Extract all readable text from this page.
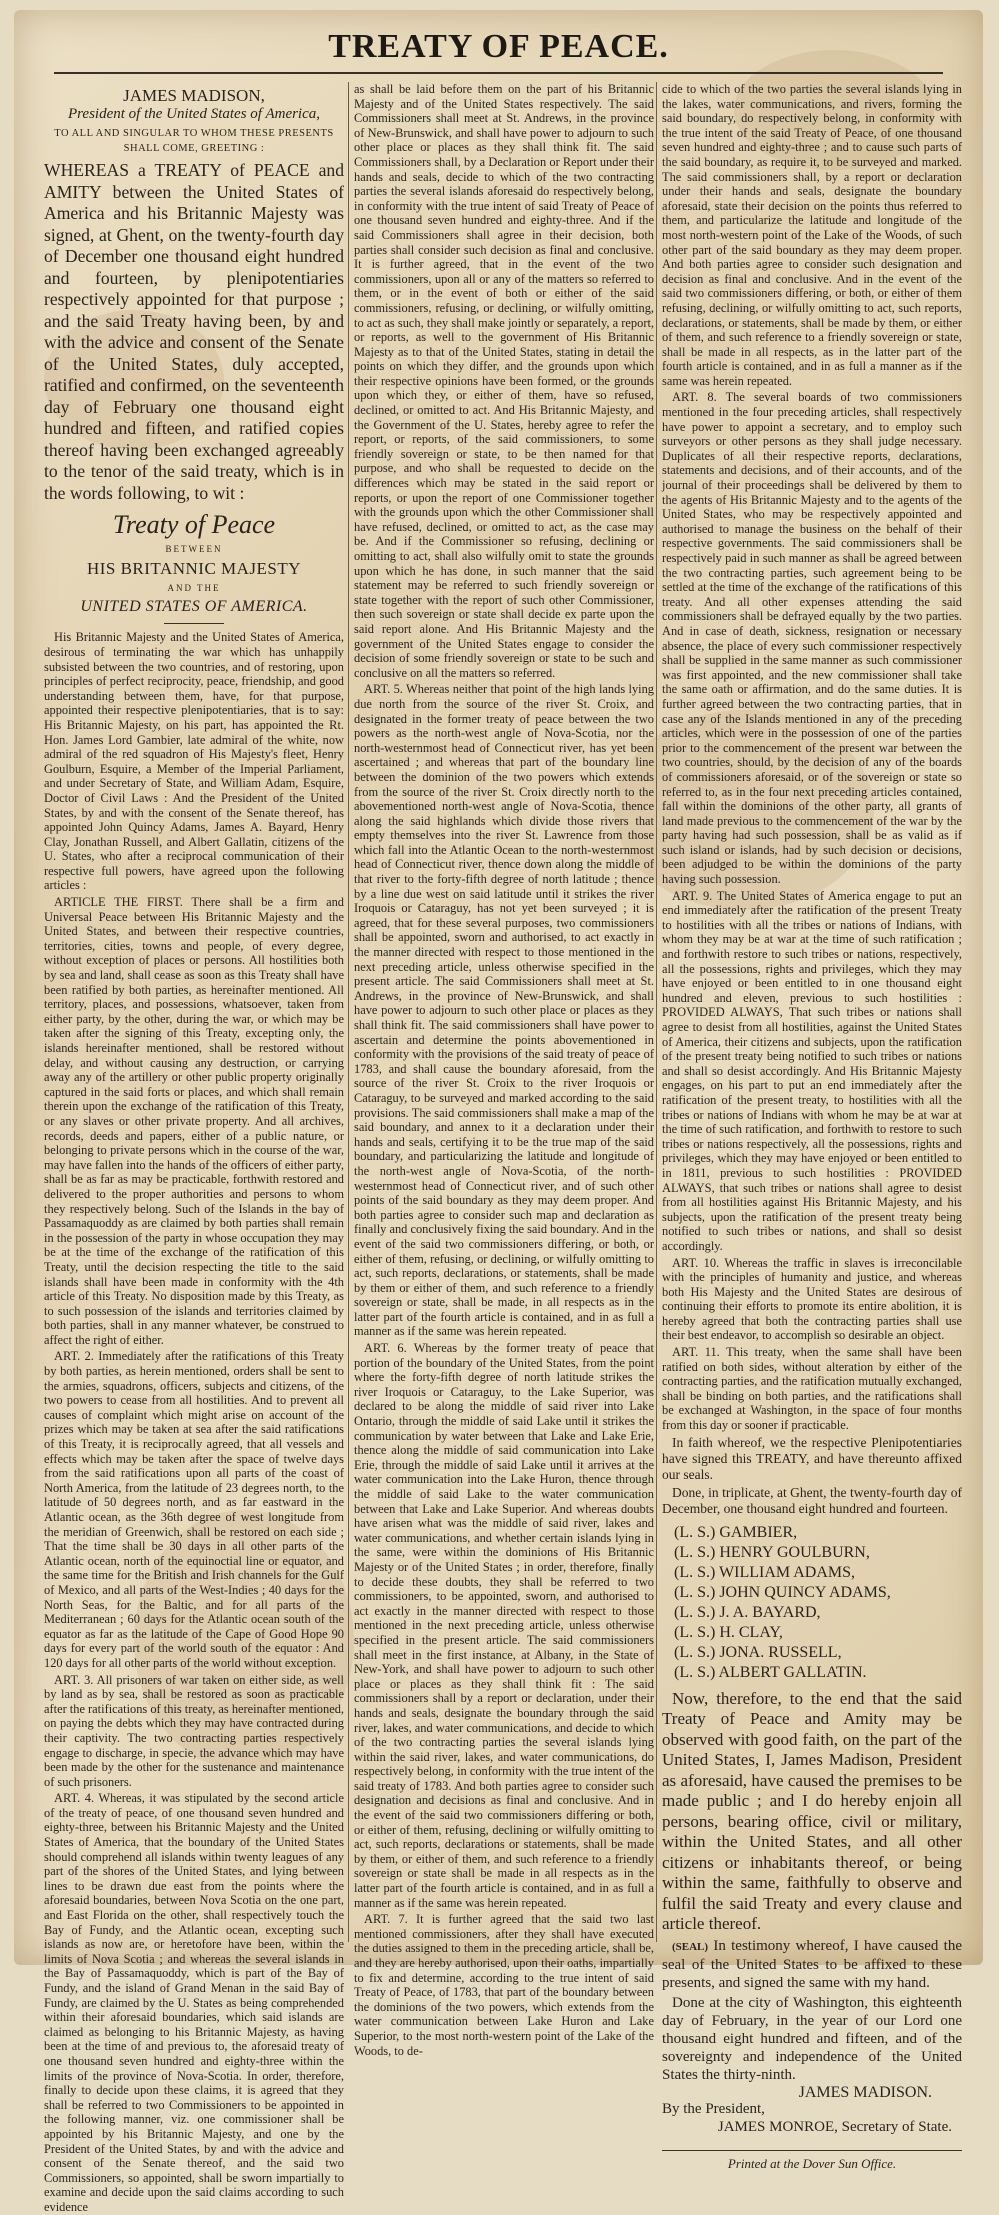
TREATY OF PEACE.
JAMES MADISON,
President of the United States of America,
TO ALL AND SINGULAR TO WHOM THESE PRESENTS SHALL COME, GREETING :
WHEREAS a TREATY of PEACE and AMITY between the United States of America and his Britannic Majesty was signed, at Ghent, on the twenty-fourth day of December one thousand eight hundred and fourteen, by plenipotentiaries respectively appointed for that purpose ; and the said Treaty having been, by and with the advice and consent of the Senate of the United States, duly accepted, ratified and confirmed, on the seventeenth day of February one thousand eight hundred and fifteen, and ratified copies thereof having been exchanged agreeably to the tenor of the said treaty, which is in the words following, to wit :
Treaty of Peace
BETWEEN
HIS BRITANNIC MAJESTY
AND THE
UNITED STATES OF AMERICA.

His Britannic Majesty and the United States of America, desirous of terminating the war which has unhappily subsisted between the two countries, and of restoring, upon principles of perfect reciprocity, peace, friendship, and good understanding between them, have, for that purpose, appointed their respective plenipotentiaries, that is to say: His Britannic Majesty, on his part, has appointed the Rt. Hon. James Lord Gambier, late admiral of the white, now admiral of the red squadron of His Majesty's fleet, Henry Goulburn, Esquire, a Member of the Imperial Parliament, and under Secretary of State, and William Adam, Esquire, Doctor of Civil Laws : And the President of the United States, by and with the consent of the Senate thereof, has appointed John Quincy Adams, James A. Bayard, Henry Clay, Jonathan Russell, and Albert Gallatin, citizens of the U. States, who after a reciprocal communication of their respective full powers, have agreed upon the following articles :

ARTICLE THE FIRST. There shall be a firm and Universal Peace between His Britannic Majesty and the United States, and between their respective countries, territories, cities, towns and people, of every degree, without exception of places or persons. All hostilities both by sea and land, shall cease as soon as this Treaty shall have been ratified by both parties, as hereinafter mentioned. All territory, places, and possessions, whatsoever, taken from either party, by the other, during the war, or which may be taken after the signing of this Treaty, excepting only, the islands hereinafter mentioned, shall be restored without delay, and without causing any destruction, or carrying away any of the artillery or other public property originally captured in the said forts or places, and which shall remain therein upon the exchange of the ratification of this Treaty, or any slaves or other private property. And all archives, records, deeds and papers, either of a public nature, or belonging to private persons which in the course of the war, may have fallen into the hands of the officers of either party, shall be as far as may be practicable, forthwith restored and delivered to the proper authorities and persons to whom they respectively belong. Such of the Islands in the bay of Passamaquoddy as are claimed by both parties shall remain in the possession of the party in whose occupation they may be at the time of the exchange of the ratification of this Treaty, until the decision respecting the title to the said islands shall have been made in conformity with the 4th article of this Treaty. No disposition made by this Treaty, as to such possession of the islands and territories claimed by both parties, shall in any manner whatever, be construed to affect the right of either.

ART. 2. Immediately after the ratifications of this Treaty by both parties, as herein mentioned, orders shall be sent to the armies, squadrons, officers, subjects and citizens, of the two powers to cease from all hostilities. And to prevent all causes of complaint which might arise on account of the prizes which may be taken at sea after the said ratifications of this Treaty, it is reciprocally agreed, that all vessels and effects which may be taken after the space of twelve days from the said ratifications upon all parts of the coast of North America, from the latitude of 23 degrees north, to the latitude of 50 degrees north, and as far eastward in the Atlantic ocean, as the 36th degree of west longitude from the meridian of Greenwich, shall be restored on each side ; That the time shall be 30 days in all other parts of the Atlantic ocean, north of the equinoctial line or equator, and the same time for the British and Irish channels for the Gulf of Mexico, and all parts of the West-Indies ; 40 days for the North Seas, for the Baltic, and for all parts of the Mediterranean ; 60 days for the Atlantic ocean south of the equator as far as the latitude of the Cape of Good Hope 90 days for every part of the world south of the equator : And 120 days for all other parts of the world without exception.

ART. 3. All prisoners of war taken on either side, as well by land as by sea, shall be restored as soon as practicable after the ratifications of this treaty, as hereinafter mentioned, on paying the debts which they may have contracted during their captivity. The two contracting parties respectively engage to discharge, in specie, the advance which may have been made by the other for the sustenance and maintenance of such prisoners.

ART. 4. Whereas, it was stipulated by the second article of the treaty of peace, of one thousand seven hundred and eighty-three, between his Britannic Majesty and the United States of America, that the boundary of the United States should comprehend all islands within twenty leagues of any part of the shores of the United States, and lying between lines to be drawn due east from the points where the aforesaid boundaries, between Nova Scotia on the one part, and East Florida on the other, shall respectively touch the Bay of Fundy, and the Atlantic ocean, excepting such islands as now are, or heretofore have been, within the limits of Nova Scotia ; and whereas the several islands in the Bay of Passamaquoddy, which is part of the Bay of Fundy, and the island of Grand Menan in the said Bay of Fundy, are claimed by the U. States as being comprehended within their aforesaid boundaries, which said islands are claimed as belonging to his Britannic Majesty, as having been at the time of and previous to, the aforesaid treaty of one thousand seven hundred and eighty-three within the limits of the province of Nova-Scotia. In order, therefore, finally to decide upon these claims, it is agreed that they shall be referred to two Commissioners to be appointed in the following manner, viz. one commissioner shall be appointed by his Britannic Majesty, and one by the President of the United States, by and with the advice and consent of the Senate thereof, and the said two Commissioners, so appointed, shall be sworn impartially to examine and decide upon the said claims according to such evidence

as shall be laid before them on the part of his Britannic Majesty and of the United States respectively. The said Commissioners shall meet at St. Andrews, in the province of New-Brunswick, and shall have power to adjourn to such other place or places as they shall think fit. The said Commissioners shall, by a Declaration or Report under their hands and seals, decide to which of the two contracting parties the several islands aforesaid do respectively belong, in conformity with the true intent of said Treaty of Peace of one thousand seven hundred and eighty-three. And if the said Commissioners shall agree in their decision, both parties shall consider such decision as final and conclusive. It is further agreed, that in the event of the two commissioners, upon all or any of the matters so referred to them, or in the event of both or either of the said commissioners, refusing, or declining, or wilfully omitting, to act as such, they shall make jointly or separately, a report, or reports, as well to the government of His Britannic Majesty as to that of the United States, stating in detail the points on which they differ, and the grounds upon which their respective opinions have been formed, or the grounds upon which they, or either of them, have so refused, declined, or omitted to act. And His Britannic Majesty, and the Government of the U. States, hereby agree to refer the report, or reports, of the said commissioners, to some friendly sovereign or state, to be then named for that purpose, and who shall be requested to decide on the differences which may be stated in the said report or reports, or upon the report of one Commissioner together with the grounds upon which the other Commissioner shall have refused, declined, or omitted to act, as the case may be. And if the Commissioner so refusing, declining or omitting to act, shall also wilfully omit to state the grounds upon which he has done, in such manner that the said statement may be referred to such friendly sovereign or state together with the report of such other Commissioner, then such sovereign or state shall decide ex parte upon the said report alone. And His Britannic Majesty and the government of the United States engage to consider the decision of some friendly sovereign or state to be such and conclusive on all the matters so referred.

ART. 5. Whereas neither that point of the high lands lying due north from the source of the river St. Croix, and designated in the former treaty of peace between the two powers as the north-west angle of Nova-Scotia, nor the north-westernmost head of Connecticut river, has yet been ascertained ; and whereas that part of the boundary line between the dominion of the two powers which extends from the source of the river St. Croix directly north to the abovementioned north-west angle of Nova-Scotia, thence along the said highlands which divide those rivers that empty themselves into the river St. Lawrence from those which fall into the Atlantic Ocean to the north-westernmost head of Connecticut river, thence down along the middle of that river to the forty-fifth degree of north latitude ; thence by a line due west on said latitude until it strikes the river Iroquois or Cataraguy, has not yet been surveyed ; it is agreed, that for these several purposes, two commissioners shall be appointed, sworn and authorised, to act exactly in the manner directed with respect to those mentioned in the next preceding article, unless otherwise specified in the present article. The said Commissioners shall meet at St. Andrews, in the province of New-Brunswick, and shall have power to adjourn to such other place or places as they shall think fit. The said commissioners shall have power to ascertain and determine the points abovementioned in conformity with the provisions of the said treaty of peace of 1783, and shall cause the boundary aforesaid, from the source of the river St. Croix to the river Iroquois or Cataraguy, to be surveyed and marked according to the said provisions. The said commissioners shall make a map of the said boundary, and annex to it a declaration under their hands and seals, certifying it to be the true map of the said boundary, and particularizing the latitude and longitude of the north-west angle of Nova-Scotia, of the north-westernmost head of Connecticut river, and of such other points of the said boundary as they may deem proper. And both parties agree to consider such map and declaration as finally and conclusively fixing the said boundary. And in the event of the said two commissioners differing, or both, or either of them, refusing, or declining, or wilfully omitting to act, such reports, declarations, or statements, shall be made by them or either of them, and such reference to a friendly sovereign or state, shall be made, in all respects as in the latter part of the fourth article is contained, and in as full a manner as if the same was herein repeated.

ART. 6. Whereas by the former treaty of peace that portion of the boundary of the United States, from the point where the forty-fifth degree of north latitude strikes the river Iroquois or Cataraguy, to the Lake Superior, was declared to be along the middle of said river into Lake Ontario, through the middle of said Lake until it strikes the communication by water between that Lake and Lake Erie, thence along the middle of said communication into Lake Erie, through the middle of said Lake until it arrives at the water communication into the Lake Huron, thence through the middle of said Lake to the water communication between that Lake and Lake Superior. And whereas doubts have arisen what was the middle of said river, lakes and water communications, and whether certain islands lying in the same, were within the dominions of His Britannic Majesty or of the United States ; in order, therefore, finally to decide these doubts, they shall be referred to two commissioners, to be appointed, sworn, and authorised to act exactly in the manner directed with respect to those mentioned in the next preceding article, unless otherwise specified in the present article. The said commissioners shall meet in the first instance, at Albany, in the State of New-York, and shall have power to adjourn to such other place or places as they shall think fit : The said commissioners shall by a report or declaration, under their hands and seals, designate the boundary through the said river, lakes, and water communications, and decide to which of the two contracting parties the several islands lying within the said river, lakes, and water communications, do respectively belong, in conformity with the true intent of the said treaty of 1783. And both parties agree to consider such designation and decisions as final and conclusive. And in the event of the said two commissioners differing or both, or either of them, refusing, declining or wilfully omitting to act, such reports, declarations or statements, shall be made by them, or either of them, and such reference to a friendly sovereign or state shall be made in all respects as in the latter part of the fourth article is contained, and in as full a manner as if the same was herein repeated.

ART. 7. It is further agreed that the said two last mentioned commissioners, after they shall have executed the duties assigned to them in the preceding article, shall be, and they are hereby authorised, upon their oaths, impartially to fix and determine, according to the true intent of said Treaty of Peace, of 1783, that part of the boundary between the dominions of the two powers, which extends from the water communication between Lake Huron and Lake Superior, to the most north-western point of the Lake of the Woods, to de-

cide to which of the two parties the several islands lying in the lakes, water communications, and rivers, forming the said boundary, do respectively belong, in conformity with the true intent of the said Treaty of Peace, of one thousand seven hundred and eighty-three ; and to cause such parts of the said boundary, as require it, to be surveyed and marked. The said commissioners shall, by a report or declaration under their hands and seals, designate the boundary aforesaid, state their decision on the points thus referred to them, and particularize the latitude and longitude of the most north-western point of the Lake of the Woods, of such other part of the said boundary as they may deem proper. And both parties agree to consider such designation and decision as final and conclusive. And in the event of the said two commissioners differing, or both, or either of them refusing, declining, or wilfully omitting to act, such reports, declarations, or statements, shall be made by them, or either of them, and such reference to a friendly sovereign or state, shall be made in all respects, as in the latter part of the fourth article is contained, and in as full a manner as if the same was herein repeated.

ART. 8. The several boards of two commissioners mentioned in the four preceding articles, shall respectively have power to appoint a secretary, and to employ such surveyors or other persons as they shall judge necessary. Duplicates of all their respective reports, declarations, statements and decisions, and of their accounts, and of the journal of their proceedings shall be delivered by them to the agents of His Britannic Majesty and to the agents of the United States, who may be respectively appointed and authorised to manage the business on the behalf of their respective governments. The said commissioners shall be respectively paid in such manner as shall be agreed between the two contracting parties, such agreement being to be settled at the time of the exchange of the ratifications of this treaty. And all other expenses attending the said commissioners shall be defrayed equally by the two parties. And in case of death, sickness, resignation or necessary absence, the place of every such commissioner respectively shall be supplied in the same manner as such commissioner was first appointed, and the new commissioner shall take the same oath or affirmation, and do the same duties. It is further agreed between the two contracting parties, that in case any of the Islands mentioned in any of the preceding articles, which were in the possession of one of the parties prior to the commencement of the present war between the two countries, should, by the decision of any of the boards of commissioners aforesaid, or of the sovereign or state so referred to, as in the four next preceding articles contained, fall within the dominions of the other party, all grants of land made previous to the commencement of the war by the party having had such possession, shall be as valid as if such island or islands, had by such decision or decisions, been adjudged to be within the dominions of the party having such possession.

ART. 9. The United States of America engage to put an end immediately after the ratification of the present Treaty to hostilities with all the tribes or nations of Indians, with whom they may be at war at the time of such ratification ; and forthwith restore to such tribes or nations, respectively, all the possessions, rights and privileges, which they may have enjoyed or been entitled to in one thousand eight hundred and eleven, previous to such hostilities : PROVIDED ALWAYS, That such tribes or nations shall agree to desist from all hostilities, against the United States of America, their citizens and subjects, upon the ratification of the present treaty being notified to such tribes or nations and shall so desist accordingly. And His Britannic Majesty engages, on his part to put an end immediately after the ratification of the present treaty, to hostilities with all the tribes or nations of Indians with whom he may be at war at the time of such ratification, and forthwith to restore to such tribes or nations respectively, all the possessions, rights and privileges, which they may have enjoyed or been entitled to in 1811, previous to such hostilities : PROVIDED ALWAYS, that such tribes or nations shall agree to desist from all hostilities against His Britannic Majesty, and his subjects, upon the ratification of the present treaty being notified to such tribes or nations, and shall so desist accordingly.

ART. 10. Whereas the traffic in slaves is irreconcilable with the principles of humanity and justice, and whereas both His Majesty and the United States are desirous of continuing their efforts to promote its entire abolition, it is hereby agreed that both the contracting parties shall use their best endeavor, to accomplish so desirable an object.

ART. 11. This treaty, when the same shall have been ratified on both sides, without alteration by either of the contracting parties, and the ratification mutually exchanged, shall be binding on both parties, and the ratifications shall be exchanged at Washington, in the space of four months from this day or sooner if practicable.

In faith whereof, we the respective Plenipotentiaries have signed this TREATY, and have thereunto affixed our seals.

Done, in triplicate, at Ghent, the twenty-fourth day of December, one thousand eight hundred and fourteen.

(L. S.) GAMBIER,
(L. S.) HENRY GOULBURN,
(L. S.) WILLIAM ADAMS,
(L. S.) JOHN QUINCY ADAMS,
(L. S.) J. A. BAYARD,
(L. S.) H. CLAY,
(L. S.) JONA. RUSSELL,
(L. S.) ALBERT GALLATIN.

Now, therefore, to the end that the said Treaty of Peace and Amity may be observed with good faith, on the part of the United States, I, James Madison, President as aforesaid, have caused the premises to be made public ; and I do hereby enjoin all persons, bearing office, civil or military, within the United States, and all other citizens or inhabitants thereof, or being within the same, faithfully to observe and fulfil the said Treaty and every clause and article thereof.

(SEAL) In testimony whereof, I have caused the seal of the United States to be affixed to these presents, and signed the same with my hand.

Done at the city of Washington, this eighteenth day of February, in the year of our Lord one thousand eight hundred and fifteen, and of the sovereignty and independence of the United States the thirty-ninth.

JAMES MADISON.
By the President,
JAMES MONROE, Secretary of State.
Printed at the Dover Sun Office.
